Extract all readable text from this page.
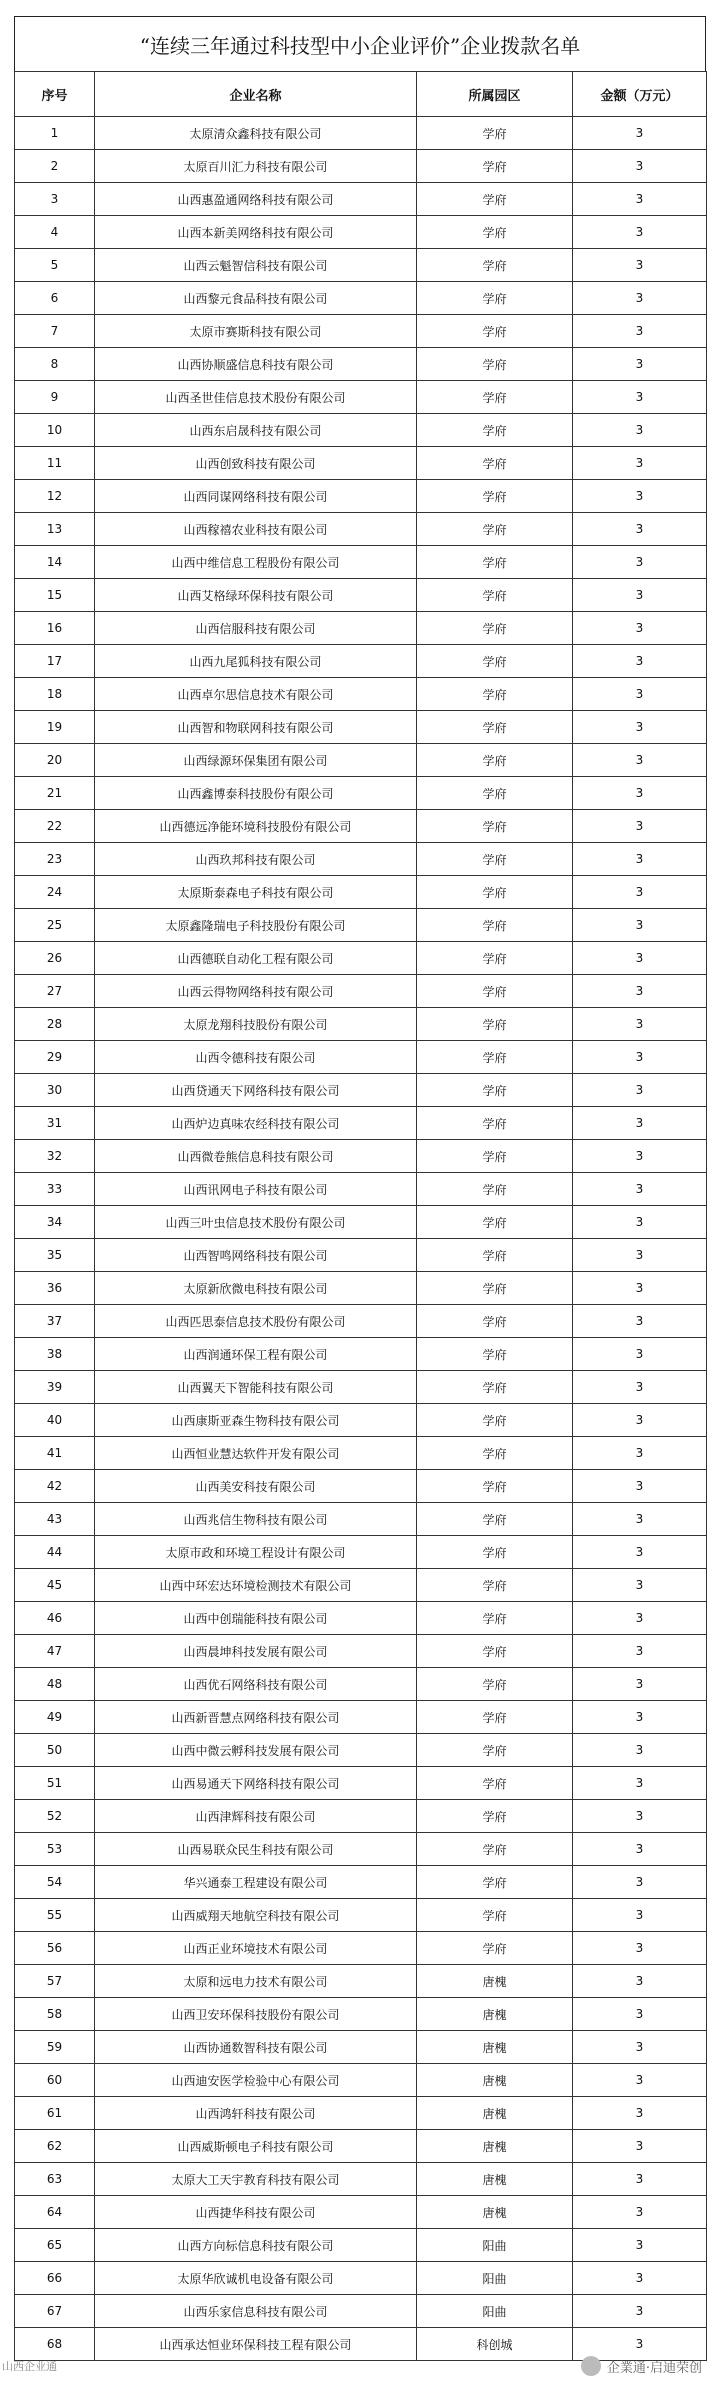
“连续三年通过科技型中小企业评价”企业拨款名单
序号	企业名称	所属园区	金额（万元）
1	太原清众鑫科技有限公司	学府	3
2	太原百川汇力科技有限公司	学府	3
3	山西惠盈通网络科技有限公司	学府	3
4	山西本新美网络科技有限公司	学府	3
5	山西云魁智信科技有限公司	学府	3
6	山西黎元食品科技有限公司	学府	3
7	太原市赛斯科技有限公司	学府	3
8	山西协顺盛信息科技有限公司	学府	3
9	山西圣世佳信息技术股份有限公司	学府	3
10	山西东启晟科技有限公司	学府	3
11	山西创致科技有限公司	学府	3
12	山西同谋网络科技有限公司	学府	3
13	山西稼禧农业科技有限公司	学府	3
14	山西中维信息工程股份有限公司	学府	3
15	山西艾格绿环保科技有限公司	学府	3
16	山西信服科技有限公司	学府	3
17	山西九尾狐科技有限公司	学府	3
18	山西卓尔思信息技术有限公司	学府	3
19	山西智和物联网科技有限公司	学府	3
20	山西绿源环保集团有限公司	学府	3
21	山西鑫博泰科技股份有限公司	学府	3
22	山西德远净能环境科技股份有限公司	学府	3
23	山西玖邦科技有限公司	学府	3
24	太原斯泰森电子科技有限公司	学府	3
25	太原鑫隆瑞电子科技股份有限公司	学府	3
26	山西德联自动化工程有限公司	学府	3
27	山西云得物网络科技有限公司	学府	3
28	太原龙翔科技股份有限公司	学府	3
29	山西令德科技有限公司	学府	3
30	山西贷通天下网络科技有限公司	学府	3
31	山西炉边真味农经科技有限公司	学府	3
32	山西微卷熊信息科技有限公司	学府	3
33	山西讯网电子科技有限公司	学府	3
34	山西三叶虫信息技术股份有限公司	学府	3
35	山西智鸣网络科技有限公司	学府	3
36	太原新欣微电科技有限公司	学府	3
37	山西匹思泰信息技术股份有限公司	学府	3
38	山西润通环保工程有限公司	学府	3
39	山西翼天下智能科技有限公司	学府	3
40	山西康斯亚森生物科技有限公司	学府	3
41	山西恒业慧达软件开发有限公司	学府	3
42	山西美安科技有限公司	学府	3
43	山西兆信生物科技有限公司	学府	3
44	太原市政和环境工程设计有限公司	学府	3
45	山西中环宏达环境检测技术有限公司	学府	3
46	山西中创瑞能科技有限公司	学府	3
47	山西晨坤科技发展有限公司	学府	3
48	山西优石网络科技有限公司	学府	3
49	山西新晋慧点网络科技有限公司	学府	3
50	山西中微云孵科技发展有限公司	学府	3
51	山西易通天下网络科技有限公司	学府	3
52	山西津辉科技有限公司	学府	3
53	山西易联众民生科技有限公司	学府	3
54	华兴通泰工程建设有限公司	学府	3
55	山西威翔天地航空科技有限公司	学府	3
56	山西正业环境技术有限公司	学府	3
57	太原和远电力技术有限公司	唐槐	3
58	山西卫安环保科技股份有限公司	唐槐	3
59	山西协通数智科技有限公司	唐槐	3
60	山西迪安医学检验中心有限公司	唐槐	3
61	山西鸿轩科技有限公司	唐槐	3
62	山西威斯顿电子科技有限公司	唐槐	3
63	太原大工天宇教育科技有限公司	唐槐	3
64	山西捷华科技有限公司	唐槐	3
65	山西方向标信息科技有限公司	阳曲	3
66	太原华欣诚机电设备有限公司	阳曲	3
67	山西乐家信息科技有限公司	阳曲	3
68	山西承达恒业环保科技工程有限公司	科创城	3
企業通·启迪荣创
山西企业通
